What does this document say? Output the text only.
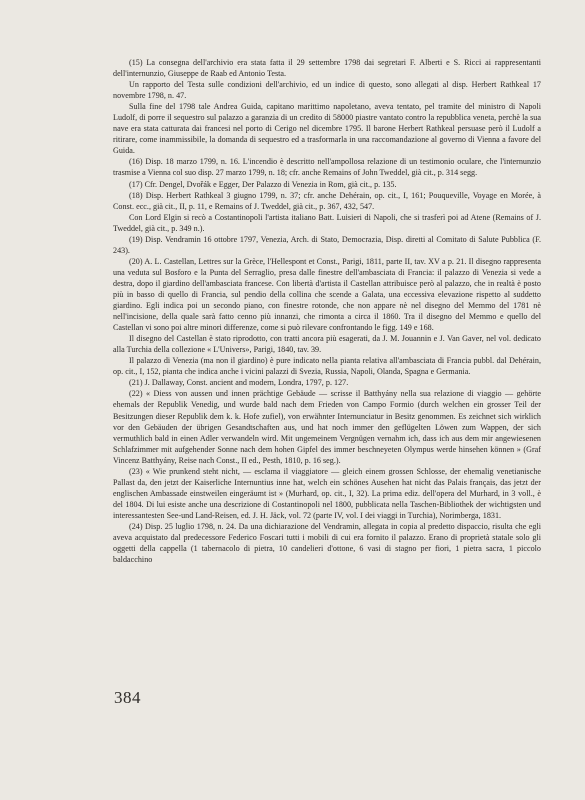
(15) La consegna dell'archivio era stata fatta il 29 settembre 1798 dai segretari F. Alberti e S. Ricci ai rappresentanti dell'internunzio, Giuseppe de Raab ed Antonio Testa.

Un rapporto del Testa sulle condizioni dell'archivio, ed un indice di questo, sono allegati al disp. Herbert Rathkeal 17 novembre 1798, n. 47.

Sulla fine del 1798 tale Andrea Guida, capitano marittimo napoletano, aveva tentato, pel tramite del ministro di Napoli Ludolf, di porre il sequestro sul palazzo a garanzia di un credito di 58000 piastre vantato contro la repubblica veneta, perchè la sua nave era stata catturata dai francesi nel porto di Cerigo nel dicembre 1795. Il barone Herbert Rathkeal persuase però il Ludolf a ritirare, come inammissibile, la domanda di sequestro ed a trasformarla in una raccomandazione al governo di Vienna a favore del Guida.

(16) Disp. 18 marzo 1799, n. 16. L'incendio è descritto nell'ampollosa relazione di un testimonio oculare, che l'internunzio trasmise a Vienna col suo disp. 27 marzo 1799, n. 18; cfr. anche Remains of John Tweddel, già cit., p. 314 segg.

(17) Cfr. Dengel, Dvořák e Egger, Der Palazzo di Venezia in Rom, già cit., p. 135.

(18) Disp. Herbert Rathkeal 3 giugno 1799, n. 37; cfr. anche Dehérain, op. cit., I, 161; Pouqueville, Voyage en Morée, à Const. ecc., già cit., II, p. 11, e Remains of J. Tweddel, già cit., p. 367, 432, 547.

Con Lord Elgin si recò a Costantinopoli l'artista italiano Batt. Luisieri di Napoli, che si trasferì poi ad Atene (Remains of J. Tweddel, già cit., p. 349 n.).

(19) Disp. Vendramin 16 ottobre 1797, Venezia, Arch. di Stato, Democrazia, Disp. diretti al Comitato di Salute Pubblica (F. 243).

(20) A. L. Castellan, Lettres sur la Grèce, l'Hellespont et Const., Parigi, 1811, parte II, tav. XV a p. 21. Il disegno rappresenta una veduta sul Bosforo e la Punta del Serraglio, presa dalle finestre dell'ambasciata di Francia: il palazzo di Venezia si vede a destra, dopo il giardino dell'ambasciata francese. Con libertà d'artista il Castellan attribuisce però al palazzo, che in realtà è posto più in basso di quello di Francia, sul pendio della collina che scende a Galata, una eccessiva elevazione rispetto al suddetto giardino. Egli indica poi un secondo piano, con finestre rotonde, che non appare nè nel disegno del Memmo del 1781 nè nell'incisione, della quale sarà fatto cenno più innanzi, che rimonta a circa il 1860. Tra il disegno del Memmo e quello del Castellan vi sono poi altre minori differenze, come si può rilevare confrontando le figg. 149 e 168.

Il disegno del Castellan è stato riprodotto, con tratti ancora più esagerati, da J. M. Jouannin e J. Van Gaver, nel vol. dedicato alla Turchia della collezione « L'Univers», Parigi, 1840, tav. 39.

Il palazzo di Venezia (ma non il giardino) è pure indicato nella pianta relativa all'ambasciata di Francia pubbl. dal Dehérain, op. cit., I, 152, pianta che indica anche i vicini palazzi di Svezia, Russia, Napoli, Olanda, Spagna e Germania.

(21) J. Dallaway, Const. ancient and modern, Londra, 1797, p. 127.

(22) « Diess von aussen und innen prächtige Gebäude — scrisse il Batthyány nella sua relazione di viaggio — gehörte ehemals der Republik Venedig, und wurde bald nach dem Frieden von Campo Formio (durch welchen ein grosser Teil der Besitzungen dieser Republik dem k. k. Hofe zufiel), von erwähnter Internunciatur in Besitz genommen. Es zeichnet sich wirklich vor den Gebäuden der übrigen Gesandtschaften aus, und hat noch immer den geflügelten Löwen zum Wappen, der sich vermuthlich bald in einen Adler verwandeln wird. Mit ungemeinem Vergnügen vernahm ich, dass ich aus dem mir angewiesenen Schlafzimmer mit aufgehender Sonne nach dem hohen Gipfel des immer beschneyeten Olympus werde hinsehen können » (Graf Vincenz Batthyány, Reise nach Const., II ed., Pesth, 1810, p. 16 seg.).

(23) « Wie prunkend steht nicht, — esclama il viaggiatore — gleich einem grossen Schlosse, der ehemalig venetianische Pallast da, den jetzt der Kaiserliche Internuntius inne hat, welch ein schönes Ausehen hat nicht das Palais français, das jetzt der englischen Ambassade einstweilen eingeräumt ist » (Murhard, op. cit., I, 32). La prima ediz. dell'opera del Murhard, in 3 voll., è del 1804. Di lui esiste anche una descrizione di Costantinopoli nel 1800, pubblicata nella Taschen-Bibliothek der wichtigsten und interessantesten See-und Land-Reisen, ed. J. H. Jäck, vol. 72 (parte IV, vol. I dei viaggi in Turchia), Norimberga, 1831.

(24) Disp. 25 luglio 1798, n. 24. Da una dichiarazione del Vendramin, allegata in copia al predetto dispaccio, risulta che egli aveva acquistato dal predecessore Federico Foscari tutti i mobili di cui era fornito il palazzo. Erano di proprietà statale solo gli oggetti della cappella (1 tabernacolo di pietra, 10 candelieri d'ottone, 6 vasi di stagno per fiori, 1 pietra sacra, 1 piccolo baldacchino

384
